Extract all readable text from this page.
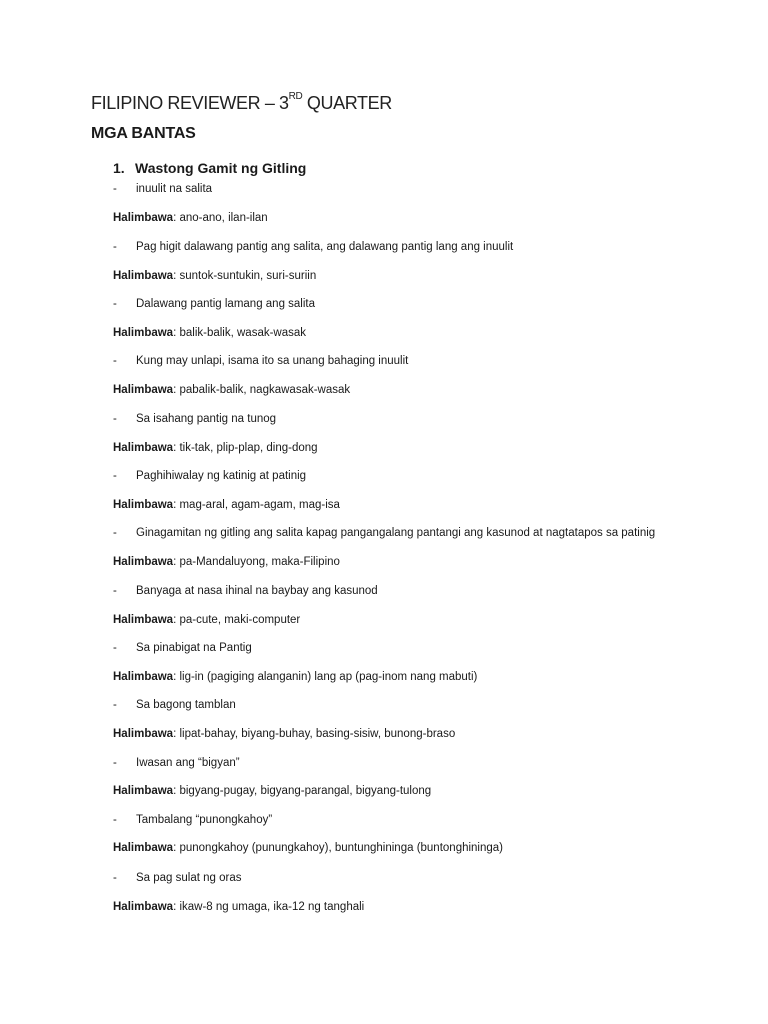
FILIPINO REVIEWER – 3RD QUARTER
MGA BANTAS
1. Wastong Gamit ng Gitling
- inuulit na salita
Halimbawa: ano-ano, ilan-ilan
- Pag higit dalawang pantig ang salita, ang dalawang pantig lang ang inuulit
Halimbawa: suntok-suntukin, suri-suriin
- Dalawang pantig lamang ang salita
Halimbawa: balik-balik, wasak-wasak
- Kung may unlapi, isama ito sa unang bahaging inuulit
Halimbawa: pabalik-balik, nagkawasak-wasak
- Sa isahang pantig na tunog
Halimbawa: tik-tak, plip-plap, ding-dong
- Paghihiwalay ng katinig at patinig
Halimbawa: mag-aral, agam-agam, mag-isa
- Ginagamitan ng gitling ang salita kapag pangangalang pantangi ang kasunod at nagtatapos sa patinig
Halimbawa: pa-Mandaluyong, maka-Filipino
- Banyaga at nasa ihinal na baybay ang kasunod
Halimbawa: pa-cute, maki-computer
- Sa pinabigat na Pantig
Halimbawa: lig-in (pagiging alanganin) lang ap (pag-inom nang mabuti)
- Sa bagong tamblan
Halimbawa: lipat-bahay, biyang-buhay, basing-sisiw, bunong-braso
- Iwasan ang “bigyan”
Halimbawa: bigyang-pugay, bigyang-parangal, bigyang-tulong
- Tambalang “punongkahoy”
Halimbawa: punongkahoy (punungkahoy), buntunghininga (buntonghininga)
- Sa pag sulat ng oras
Halimbawa: ikaw-8 ng umaga, ika-12 ng tanghali
